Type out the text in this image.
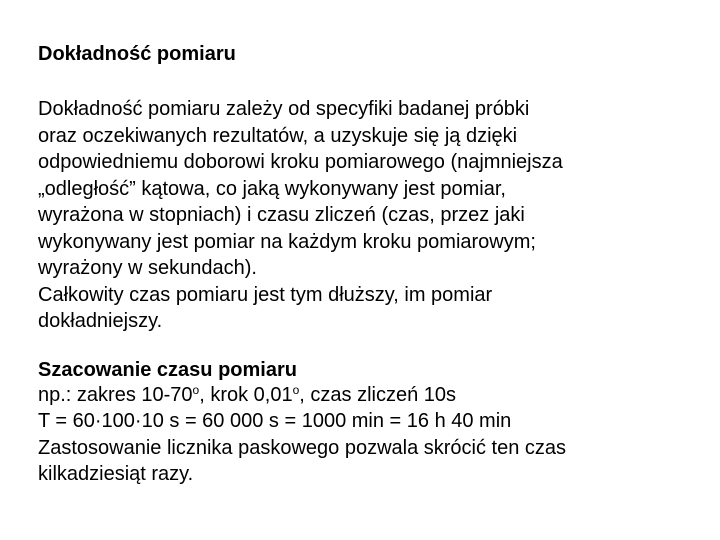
Dokładność pomiaru

Dokładność pomiaru zależy od specyfiki badanej próbki
oraz oczekiwanych rezultatów, a uzyskuje się ją dzięki
odpowiedniemu doborowi kroku pomiarowego (najmniejsza
„odległość” kątowa, co jaką wykonywany jest pomiar,
wyrażona w stopniach) i czasu zliczeń (czas, przez jaki
wykonywany jest pomiar na każdym kroku pomiarowym;
wyrażony w sekundach).
Całkowity czas pomiaru jest tym dłuższy, im pomiar
dokładniejszy.

Szacowanie czasu pomiaru

np.: zakres 10-70$^o$, krok 0,01$^o$, czas zliczeń 10s
T = 60·100·10 s = 60 000 s = 1000 min = 16 h 40 min
Zastosowanie licznika paskowego pozwala skrócić ten czas
kilkadziesiąt razy.
